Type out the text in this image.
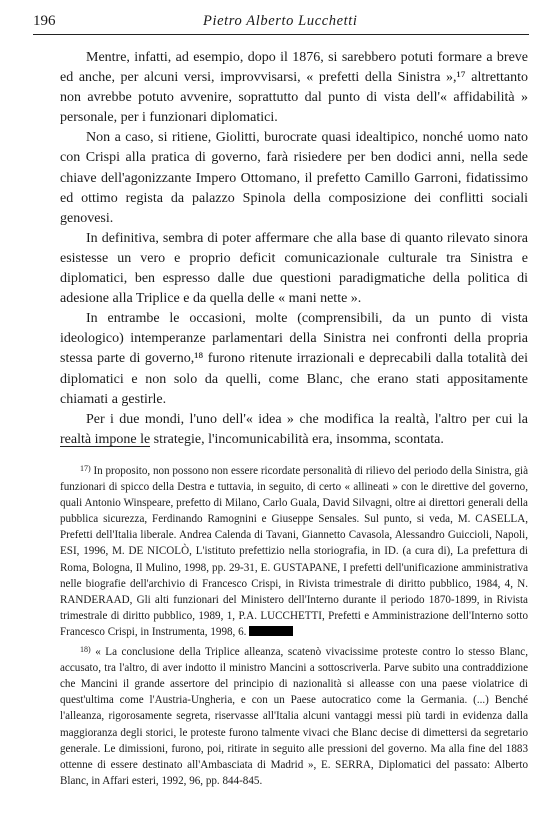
196	Pietro Alberto Lucchetti

Mentre, infatti, ad esempio, dopo il 1876, si sarebbero potuti formare a breve ed anche, per alcuni versi, improvvisarsi, « prefetti della Sinistra »,¹⁷ altrettanto non avrebbe potuto avvenire, soprattutto dal punto di vista dell'« affidabilità » personale, per i funzionari diplomatici.

Non a caso, si ritiene, Giolitti, burocrate quasi idealtipico, nonché uomo nato con Crispi alla pratica di governo, farà risiedere per ben dodici anni, nella sede chiave dell'agonizzante Impero Ottomano, il prefetto Camillo Garroni, fidatissimo ed ottimo regista da palazzo Spinola della composizione dei conflitti sociali genovesi.

In definitiva, sembra di poter affermare che alla base di quanto rilevato sinora esistesse un vero e proprio deficit comunicazionale culturale tra Sinistra e diplomatici, ben espresso dalle due questioni paradigmatiche della politica di adesione alla Triplice e da quella delle « mani nette ».

In entrambe le occasioni, molte (comprensibili, da un punto di vista ideologico) intemperanze parlamentari della Sinistra nei confronti della propria stessa parte di governo,¹⁸ furono ritenute irrazionali e deprecabili dalla totalità dei diplomatici e non solo da quelli, come Blanc, che erano stati appositamente chiamati a gestirle.

Per i due mondi, l'uno dell'« idea » che modifica la realtà, l'altro per cui la realtà impone le strategie, l'incomunicabilità era, insomma, scontata.

$^{17)}$ In proposito, non possono non essere ricordate personalità di rilievo del periodo della Sinistra, già funzionari di spicco della Destra e tuttavia, in seguito, di certo « allineati » con le direttive del governo, quali Antonio Winspeare, prefetto di Milano, Carlo Guala, David Silvagni, oltre ai direttori generali della pubblica sicurezza, Ferdinando Ramognini e Giuseppe Sensales. Sul punto, si veda, M. CASELLA, Prefetti dell'Italia liberale. Andrea Calenda di Tavani, Giannetto Cavasola, Alessandro Guiccioli, Napoli, ESI, 1996, M. DE NICOLÒ, L'istituto prefettizio nella storiografia, in ID. (a cura di), La prefettura di Roma, Bologna, Il Mulino, 1998, pp. 29-31, E. GUSTAPANE, I prefetti dell'unificazione amministrativa nelle biografie dell'archivio di Francesco Crispi, in Rivista trimestrale di diritto pubblico, 1984, 4, N. RANDERAAD, Gli alti funzionari del Ministero dell'Interno durante il periodo 1870-1899, in Rivista trimestrale di diritto pubblico, 1989, 1, P.A. LUCCHETTI, Prefetti e Amministrazione dell'Interno sotto Francesco Crispi, in Instrumenta, 1998, 6.

$^{18)}$ « La conclusione della Triplice alleanza, scatenò vivacissime proteste contro lo stesso Blanc, accusato, tra l'altro, di aver indotto il ministro Mancini a sottoscriverla. Parve subito una contraddizione che Mancini il grande assertore del principio di nazionalità si alleasse con una paese violatrice di quest'ultima come l'Austria-Ungheria, e con un Paese autocratico come la Germania. (...) Benché l'alleanza, rigorosamente segreta, riservasse all'Italia alcuni vantaggi messi più tardi in evidenza dalla maggioranza degli storici, le proteste furono talmente vivaci che Blanc decise di dimettersi da segretario generale. Le dimissioni, furono, poi, ritirate in seguito alle pressioni del governo. Ma alla fine del 1883 ottenne di essere destinato all'Ambasciata di Madrid », E. SERRA, Diplomatici del passato: Alberto Blanc, in Affari esteri, 1992, 96, pp. 844-845.
